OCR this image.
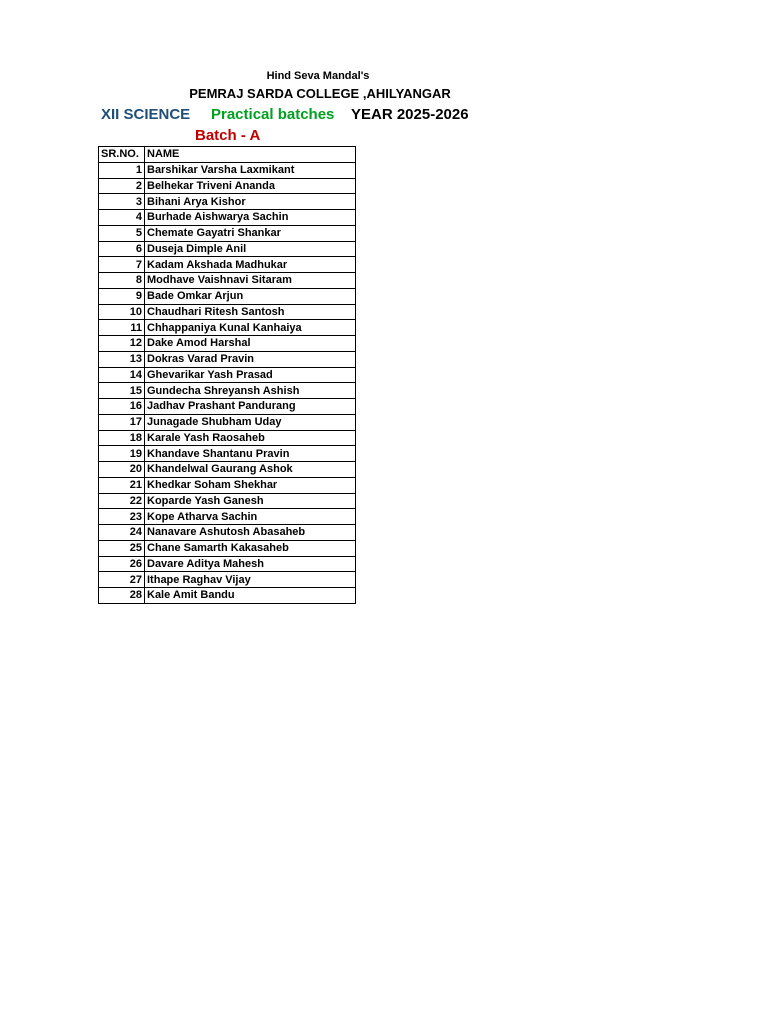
Hind Seva Mandal's
PEMRAJ SARDA COLLEGE ,AHILYANGAR
XII SCIENCE Practical batches YEAR 2025-2026
Batch - A
SR.NO.	NAME
1	Barshikar Varsha Laxmikant
2	Belhekar Triveni Ananda
3	Bihani Arya Kishor
4	Burhade Aishwarya Sachin
5	Chemate Gayatri Shankar
6	Duseja Dimple Anil
7	Kadam Akshada Madhukar
8	Modhave Vaishnavi Sitaram
9	Bade Omkar Arjun
10	Chaudhari Ritesh Santosh
11	Chhappaniya Kunal Kanhaiya
12	Dake Amod Harshal
13	Dokras Varad Pravin
14	Ghevarikar Yash Prasad
15	Gundecha Shreyansh Ashish
16	Jadhav Prashant Pandurang
17	Junagade Shubham Uday
18	Karale Yash Raosaheb
19	Khandave Shantanu Pravin
20	Khandelwal Gaurang Ashok
21	Khedkar Soham Shekhar
22	Koparde Yash Ganesh
23	Kope Atharva Sachin
24	Nanavare Ashutosh Abasaheb
25	Chane Samarth Kakasaheb
26	Davare Aditya Mahesh
27	Ithape Raghav Vijay
28	Kale Amit Bandu
